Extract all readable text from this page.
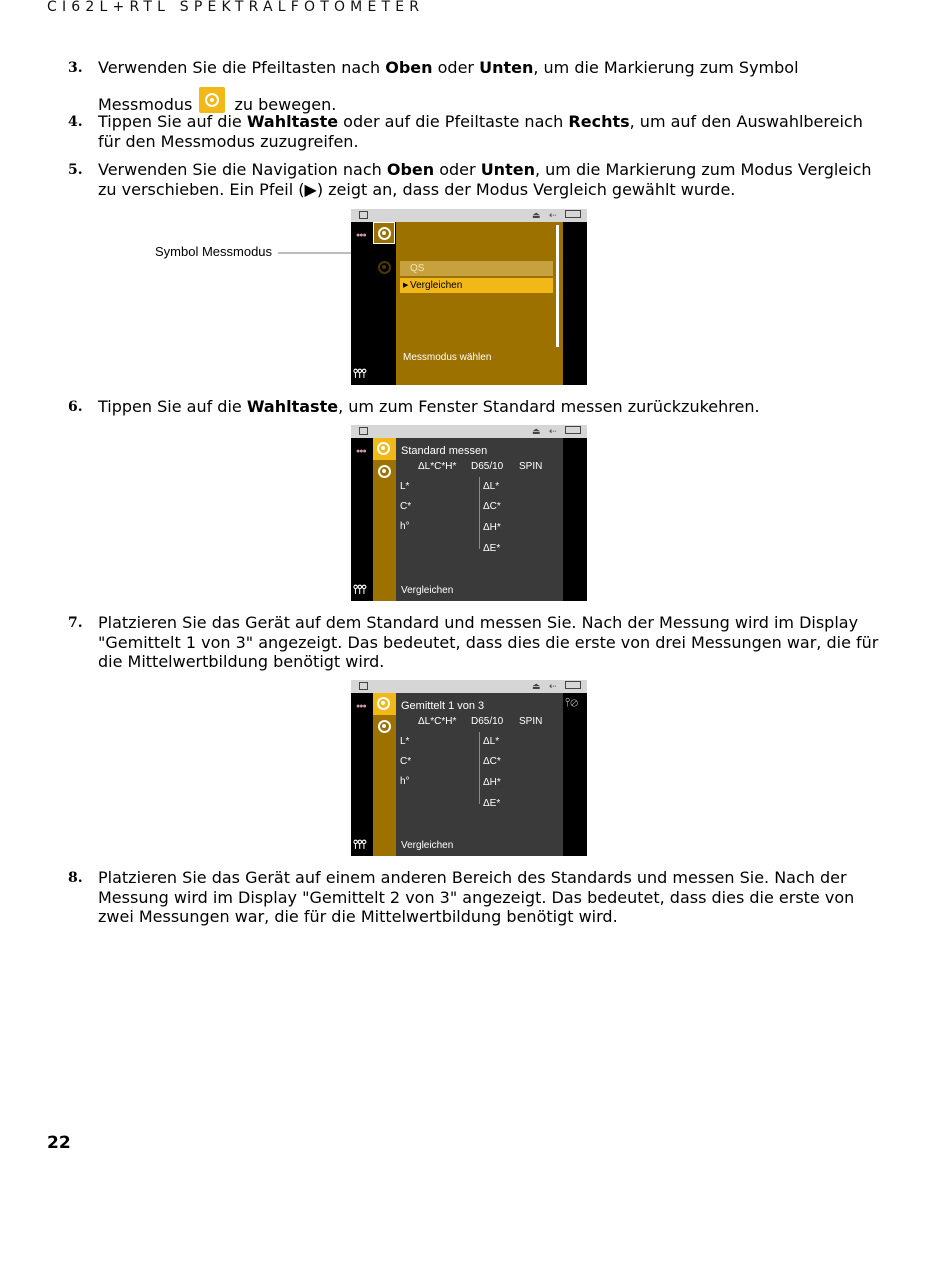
CI62L+RTL SPEKTRALFOTOMETER
3. Verwenden Sie die Pfeiltasten nach Oben oder Unten, um die Markierung zum Symbol
Messmodus	zu bewegen.
4. Tippen Sie auf die Wahltaste oder auf die Pfeiltaste nach Rechts, um auf den Auswahlbereich für den Messmodus zuzugreifen.
5. Verwenden Sie die Navigation nach Oben oder Unten, um die Markierung zum Modus Vergleich zu verschieben. Ein Pfeil (▶) zeigt an, dass der Modus Vergleich gewählt wurde.
Symbol Messmodus
⏏ ⇠
●●●
⫯⫯⫯
QS
▶ Vergleichen
Messmodus wählen
6. Tippen Sie auf die Wahltaste, um zum Fenster Standard messen zurückzukehren.
⏏ ⇠
●●●
⫯⫯⫯
Standard messen
ΔL*C*H* D65/10 SPIN
L*
C*
h°
ΔL*
ΔC*
ΔH*
ΔE*
Vergleichen
7. Platzieren Sie das Gerät auf dem Standard und messen Sie. Nach der Messung wird im Display "Gemittelt 1 von 3" angezeigt. Das bedeutet, dass dies die erste von drei Messungen war, die für die Mittelwertbildung benötigt wird.
⏏ ⇠
●●●
⫯⫯⫯
⫯⊘
Gemittelt 1 von 3
ΔL*C*H* D65/10 SPIN
L*
C*
h°
ΔL*
ΔC*
ΔH*
ΔE*
Vergleichen
8. Platzieren Sie das Gerät auf einem anderen Bereich des Standards und messen Sie. Nach der Messung wird im Display "Gemittelt 2 von 3" angezeigt. Das bedeutet, dass dies die erste von zwei Messungen war, die für die Mittelwertbildung benötigt wird.
22
